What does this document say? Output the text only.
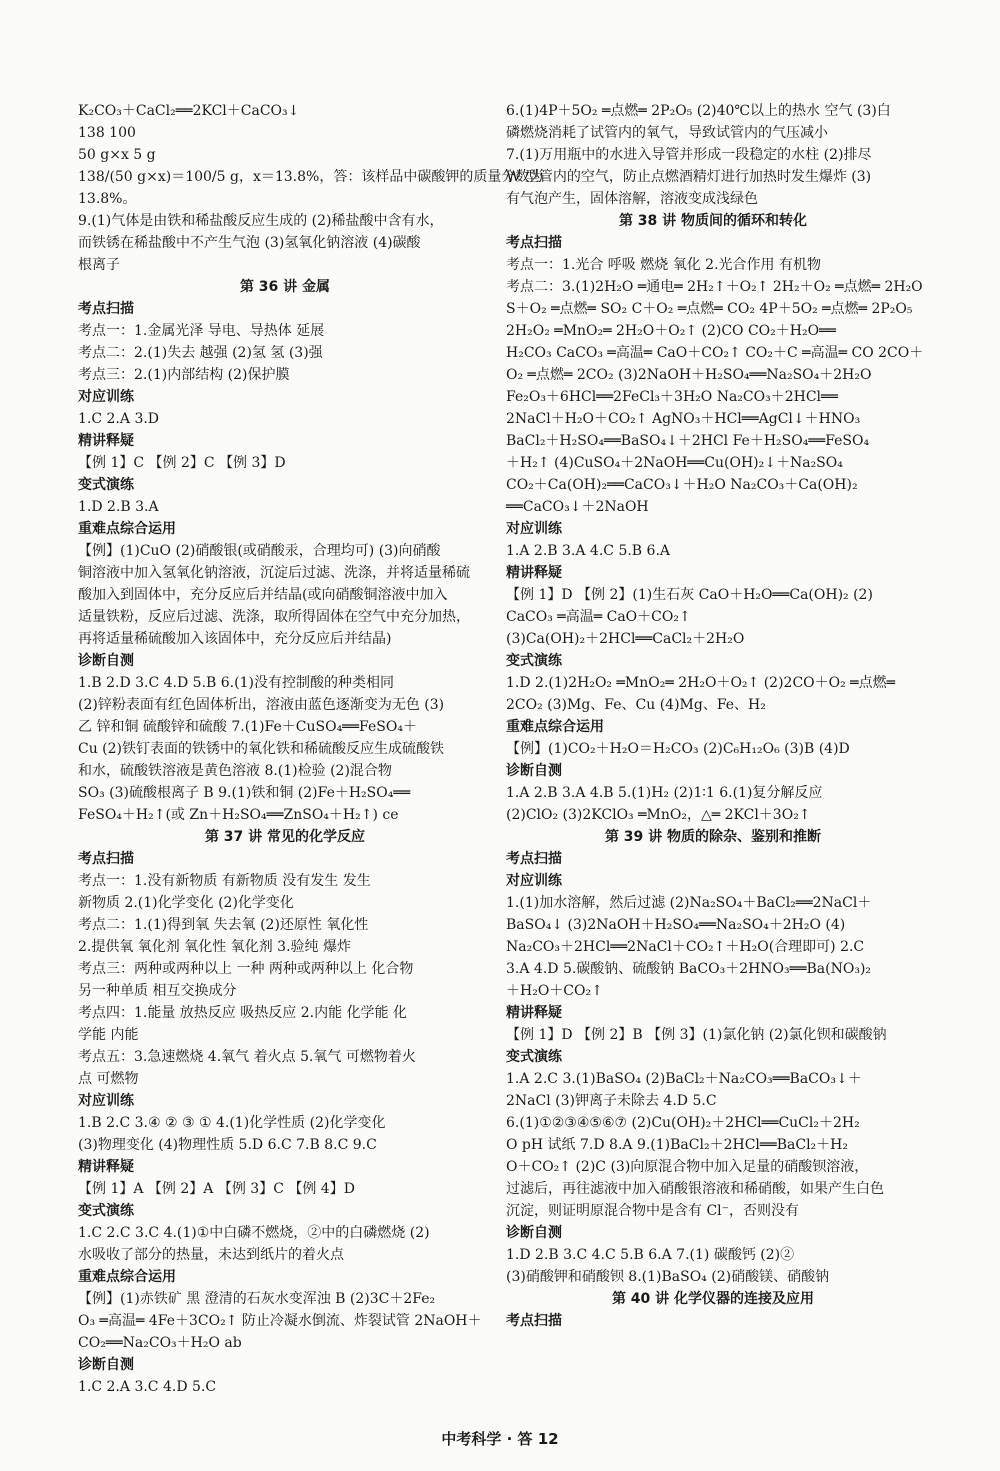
K₂CO₃＋CaCl₂══2KCl＋CaCO₃↓
138 100
50 g×x 5 g
138/(50 g×x)＝100/5 g，x＝13.8%，答：该样品中碳酸钾的质量分数为
13.8%。
9.(1)气体是由铁和稀盐酸反应生成的 (2)稀盐酸中含有水，
而铁锈在稀盐酸中不产生气泡 (3)氢氧化钠溶液 (4)碳酸
根离子
第 36 讲 金属
考点扫描
考点一：1.金属光泽 导电、导热体 延展
考点二：2.(1)失去 越强 (2)氢 氢 (3)强
考点三：2.(1)内部结构 (2)保护膜
对应训练
1.C 2.A 3.D
精讲释疑
【例 1】C 【例 2】C 【例 3】D
变式演练
1.D 2.B 3.A
重难点综合运用
【例】(1)CuO (2)硝酸银(或硝酸汞，合理均可) (3)向硝酸
铜溶液中加入氢氧化钠溶液，沉淀后过滤、洗涤，并将适量稀硫
酸加入到固体中，充分反应后并结晶(或向硝酸铜溶液中加入
适量铁粉，反应后过滤、洗涤，取所得固体在空气中充分加热，
再将适量稀硫酸加入该固体中，充分反应后并结晶)
诊断自测
1.B 2.D 3.C 4.D 5.B 6.(1)没有控制酸的种类相同
(2)锌粉表面有红色固体析出，溶液由蓝色逐渐变为无色 (3)
乙 锌和铜 硫酸锌和硫酸 7.(1)Fe＋CuSO₄══FeSO₄＋
Cu (2)铁钉表面的铁锈中的氧化铁和稀硫酸反应生成硫酸铁
和水，硫酸铁溶液是黄色溶液 8.(1)检验 (2)混合物
SO₃ (3)硫酸根离子 B 9.(1)铁和铜 (2)Fe＋H₂SO₄══
FeSO₄＋H₂↑(或 Zn＋H₂SO₄══ZnSO₄＋H₂↑) ce
第 37 讲 常见的化学反应
考点扫描
考点一：1.没有新物质 有新物质 没有发生 发生
新物质 2.(1)化学变化 (2)化学变化
考点二：1.(1)得到氧 失去氧 (2)还原性 氧化性
2.提供氧 氧化剂 氧化性 氧化剂 3.验纯 爆炸
考点三：两种或两种以上 一种 两种或两种以上 化合物
另一种单质 相互交换成分
考点四：1.能量 放热反应 吸热反应 2.内能 化学能 化
学能 内能
考点五：3.急速燃烧 4.氧气 着火点 5.氧气 可燃物着火
点 可燃物
对应训练
1.B 2.C 3.④ ② ③ ① 4.(1)化学性质 (2)化学变化
(3)物理变化 (4)物理性质 5.D 6.C 7.B 8.C 9.C
精讲释疑
【例 1】A 【例 2】A 【例 3】C 【例 4】D
变式演练
1.C 2.C 3.C 4.(1)①中白磷不燃烧，②中的白磷燃烧 (2)
水吸收了部分的热量，未达到纸片的着火点
重难点综合运用
【例】(1)赤铁矿 黑 澄清的石灰水变浑浊 B (2)3C＋2Fe₂
O₃ ═高温═ 4Fe＋3CO₂↑ 防止冷凝水倒流、炸裂试管 2NaOH＋
CO₂══Na₂CO₃＋H₂O ab
诊断自测
1.C 2.A 3.C 4.D 5.C
6.(1)4P＋5O₂ ═点燃═ 2P₂O₅ (2)40℃以上的热水 空气 (3)白
磷燃烧消耗了试管内的氧气，导致试管内的气压减小
7.(1)万用瓶中的水进入导管并形成一段稳定的水柱 (2)排尽
W 型管内的空气，防止点燃酒精灯进行加热时发生爆炸 (3)
有气泡产生，固体溶解，溶液变成浅绿色
第 38 讲 物质间的循环和转化
考点扫描
考点一：1.光合 呼吸 燃烧 氧化 2.光合作用 有机物
考点二：3.(1)2H₂O ═通电═ 2H₂↑＋O₂↑ 2H₂＋O₂ ═点燃═ 2H₂O
S＋O₂ ═点燃═ SO₂ C＋O₂ ═点燃═ CO₂ 4P＋5O₂ ═点燃═ 2P₂O₅
2H₂O₂ ═MnO₂═ 2H₂O＋O₂↑ (2)CO CO₂＋H₂O══
H₂CO₃ CaCO₃ ═高温═ CaO＋CO₂↑ CO₂＋C ═高温═ CO 2CO＋
O₂ ═点燃═ 2CO₂ (3)2NaOH＋H₂SO₄══Na₂SO₄＋2H₂O
Fe₂O₃＋6HCl══2FeCl₃＋3H₂O Na₂CO₃＋2HCl══
2NaCl＋H₂O＋CO₂↑ AgNO₃＋HCl══AgCl↓＋HNO₃
BaCl₂＋H₂SO₄══BaSO₄↓＋2HCl Fe＋H₂SO₄══FeSO₄
＋H₂↑ (4)CuSO₄＋2NaOH══Cu(OH)₂↓＋Na₂SO₄
CO₂＋Ca(OH)₂══CaCO₃↓＋H₂O Na₂CO₃＋Ca(OH)₂
══CaCO₃↓＋2NaOH
对应训练
1.A 2.B 3.A 4.C 5.B 6.A
精讲释疑
【例 1】D 【例 2】(1)生石灰 CaO＋H₂O══Ca(OH)₂ (2)
CaCO₃ ═高温═ CaO＋CO₂↑
(3)Ca(OH)₂＋2HCl══CaCl₂＋2H₂O
变式演练
1.D 2.(1)2H₂O₂ ═MnO₂═ 2H₂O＋O₂↑ (2)2CO＋O₂ ═点燃═
2CO₂ (3)Mg、Fe、Cu (4)Mg、Fe、H₂
重难点综合运用
【例】(1)CO₂＋H₂O＝H₂CO₃ (2)C₆H₁₂O₆ (3)B (4)D
诊断自测
1.A 2.B 3.A 4.B 5.(1)H₂ (2)1∶1 6.(1)复分解反应
(2)ClO₂ (3)2KClO₃ ═MnO₂，△═ 2KCl＋3O₂↑
第 39 讲 物质的除杂、鉴别和推断
考点扫描
对应训练
1.(1)加水溶解，然后过滤 (2)Na₂SO₄＋BaCl₂══2NaCl＋
BaSO₄↓ (3)2NaOH＋H₂SO₄══Na₂SO₄＋2H₂O (4)
Na₂CO₃＋2HCl══2NaCl＋CO₂↑＋H₂O(合理即可) 2.C
3.A 4.D 5.碳酸钠、硫酸钠 BaCO₃＋2HNO₃══Ba(NO₃)₂
＋H₂O＋CO₂↑
精讲释疑
【例 1】D 【例 2】B 【例 3】(1)氯化钠 (2)氯化钡和碳酸钠
变式演练
1.A 2.C 3.(1)BaSO₄ (2)BaCl₂＋Na₂CO₃══BaCO₃↓＋
2NaCl (3)钾离子未除去 4.D 5.C
6.(1)①②③④⑤⑥⑦ (2)Cu(OH)₂＋2HCl══CuCl₂＋2H₂
O pH 试纸 7.D 8.A 9.(1)BaCl₂＋2HCl══BaCl₂＋H₂
O＋CO₂↑ (2)C (3)向原混合物中加入足量的硝酸钡溶液，
过滤后，再往滤液中加入硝酸银溶液和稀硝酸，如果产生白色
沉淀，则证明原混合物中是含有 Cl⁻，否则没有
诊断自测
1.D 2.B 3.C 4.C 5.B 6.A 7.(1) 碳酸钙 (2)②
(3)硝酸钾和硝酸钡 8.(1)BaSO₄ (2)硝酸镁、硝酸钠
第 40 讲 化学仪器的连接及应用
考点扫描
中考科学 · 答 12
